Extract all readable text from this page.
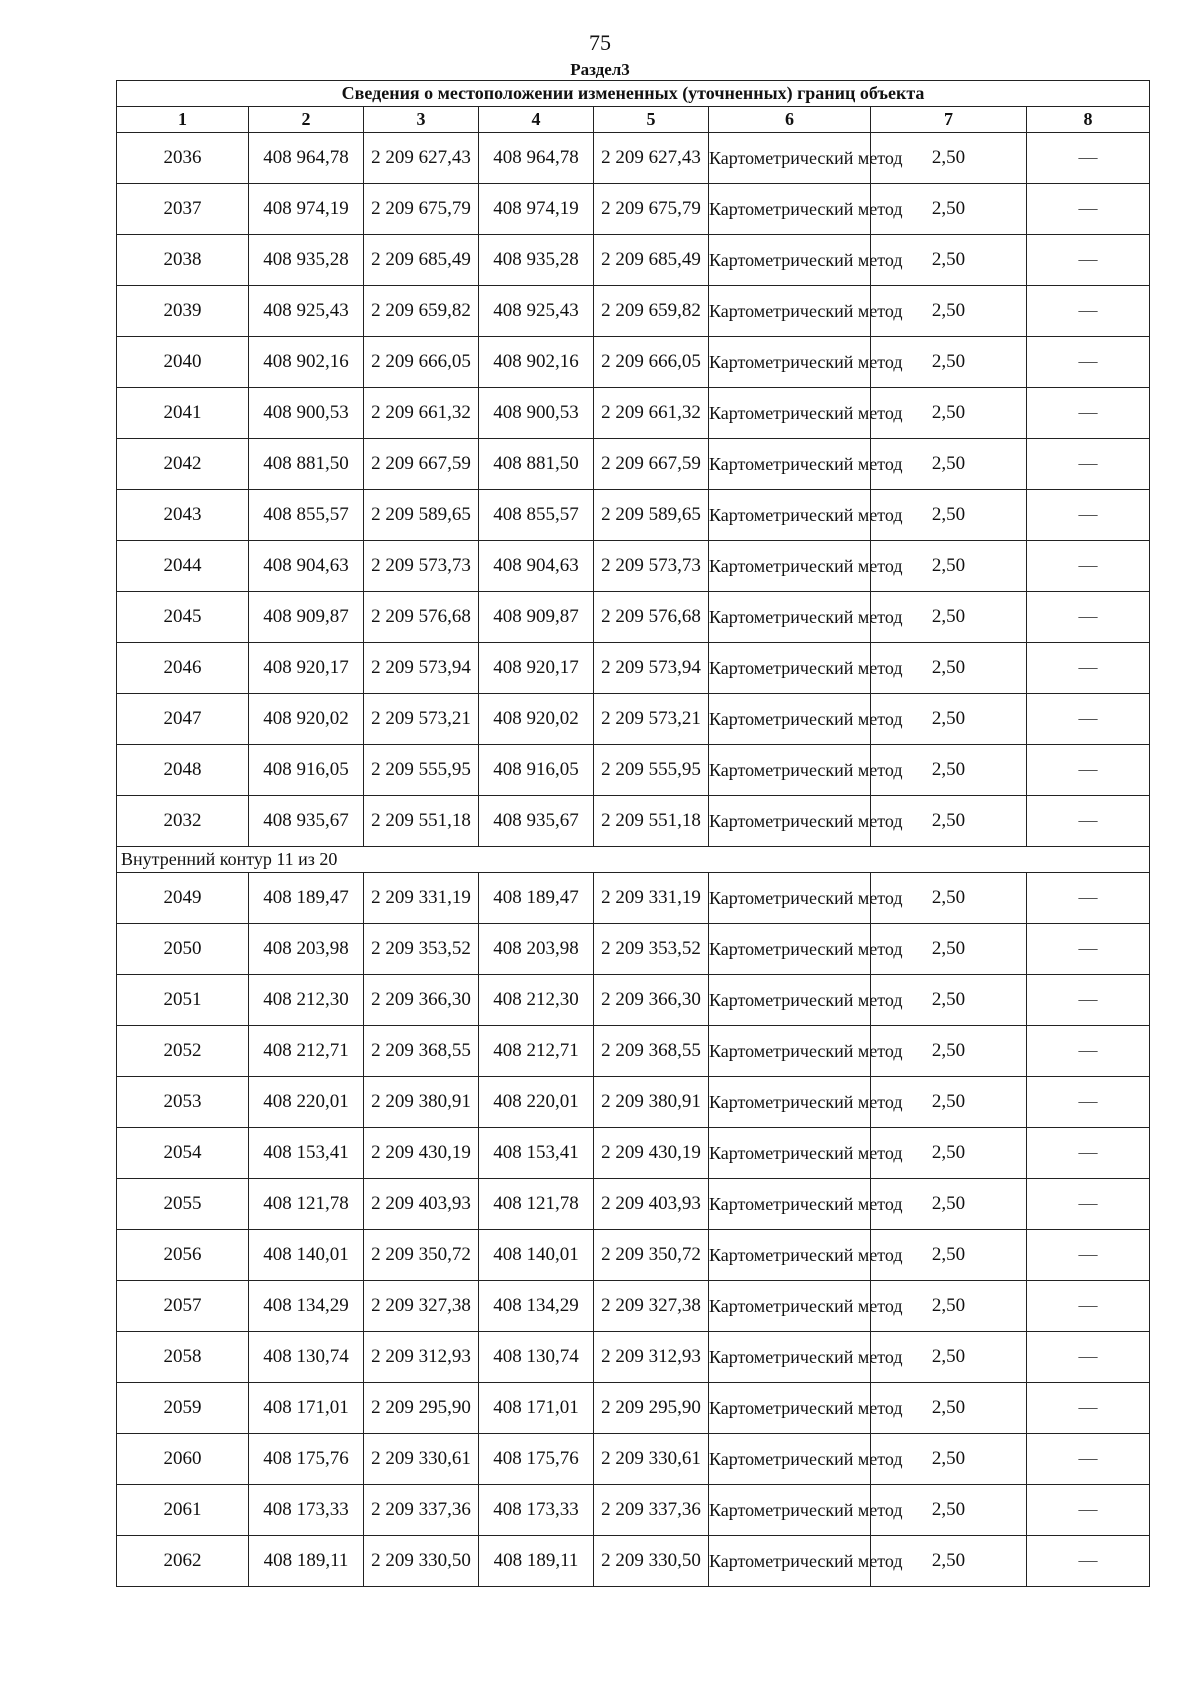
75
Раздел3
Сведения о местоположении измененных (уточненных) границ объекта							
1	2	3	4	5	6	7	8
2036	408 964,78	2 209 627,43	408 964,78	2 209 627,43	Картометрический метод	2,50	—
2037	408 974,19	2 209 675,79	408 974,19	2 209 675,79	Картометрический метод	2,50	—
2038	408 935,28	2 209 685,49	408 935,28	2 209 685,49	Картометрический метод	2,50	—
2039	408 925,43	2 209 659,82	408 925,43	2 209 659,82	Картометрический метод	2,50	—
2040	408 902,16	2 209 666,05	408 902,16	2 209 666,05	Картометрический метод	2,50	—
2041	408 900,53	2 209 661,32	408 900,53	2 209 661,32	Картометрический метод	2,50	—
2042	408 881,50	2 209 667,59	408 881,50	2 209 667,59	Картометрический метод	2,50	—
2043	408 855,57	2 209 589,65	408 855,57	2 209 589,65	Картометрический метод	2,50	—
2044	408 904,63	2 209 573,73	408 904,63	2 209 573,73	Картометрический метод	2,50	—
2045	408 909,87	2 209 576,68	408 909,87	2 209 576,68	Картометрический метод	2,50	—
2046	408 920,17	2 209 573,94	408 920,17	2 209 573,94	Картометрический метод	2,50	—
2047	408 920,02	2 209 573,21	408 920,02	2 209 573,21	Картометрический метод	2,50	—
2048	408 916,05	2 209 555,95	408 916,05	2 209 555,95	Картометрический метод	2,50	—
2032	408 935,67	2 209 551,18	408 935,67	2 209 551,18	Картометрический метод	2,50	—
Внутренний контур 11 из 20							
2049	408 189,47	2 209 331,19	408 189,47	2 209 331,19	Картометрический метод	2,50	—
2050	408 203,98	2 209 353,52	408 203,98	2 209 353,52	Картометрический метод	2,50	—
2051	408 212,30	2 209 366,30	408 212,30	2 209 366,30	Картометрический метод	2,50	—
2052	408 212,71	2 209 368,55	408 212,71	2 209 368,55	Картометрический метод	2,50	—
2053	408 220,01	2 209 380,91	408 220,01	2 209 380,91	Картометрический метод	2,50	—
2054	408 153,41	2 209 430,19	408 153,41	2 209 430,19	Картометрический метод	2,50	—
2055	408 121,78	2 209 403,93	408 121,78	2 209 403,93	Картометрический метод	2,50	—
2056	408 140,01	2 209 350,72	408 140,01	2 209 350,72	Картометрический метод	2,50	—
2057	408 134,29	2 209 327,38	408 134,29	2 209 327,38	Картометрический метод	2,50	—
2058	408 130,74	2 209 312,93	408 130,74	2 209 312,93	Картометрический метод	2,50	—
2059	408 171,01	2 209 295,90	408 171,01	2 209 295,90	Картометрический метод	2,50	—
2060	408 175,76	2 209 330,61	408 175,76	2 209 330,61	Картометрический метод	2,50	—
2061	408 173,33	2 209 337,36	408 173,33	2 209 337,36	Картометрический метод	2,50	—
2062	408 189,11	2 209 330,50	408 189,11	2 209 330,50	Картометрический метод	2,50	—
